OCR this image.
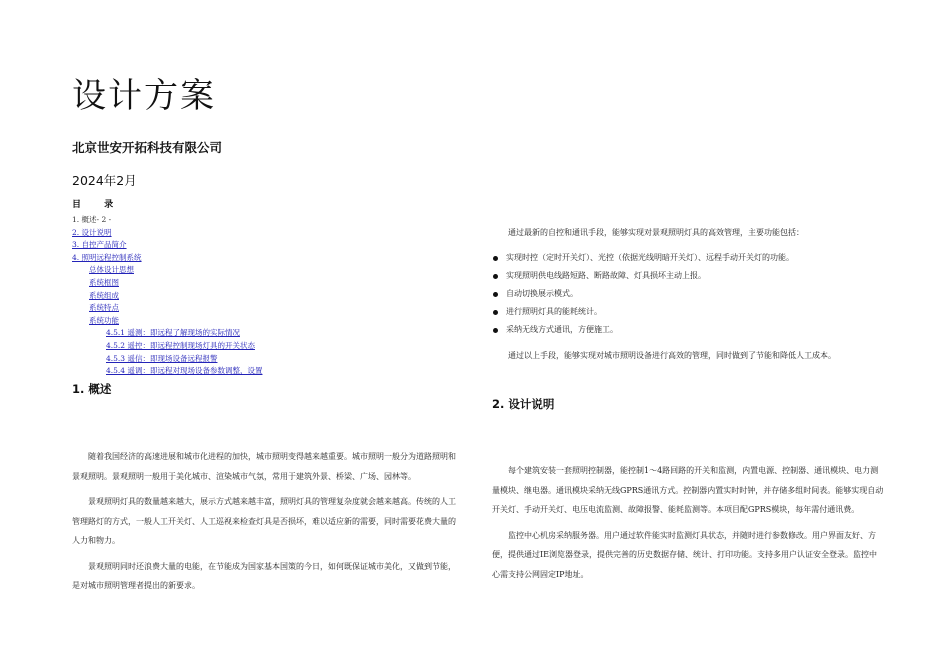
设计方案
北京世安开拓科技有限公司
2024年2月
目 录
1. 概述- 2 -
2. 设计说明
3. 自控产品简介
4. 照明远程控制系统
总体设计思想
系统框图
系统组成
系统特点
系统功能
4.5.1 遥测：即远程了解现场的实际情况
4.5.2 遥控：即远程控制现场灯具的开关状态
4.5.3 遥信：即现场设备远程报警
4.5.4 遥调：即远程对现场设备参数调整，设置
1. 概述

随着我国经济的高速进展和城市化进程的加快，城市照明变得越来越重要。城市照明一般分为道路照明和景观照明。景观照明一般用于美化城市、渲染城市气氛，常用于建筑外景、桥梁、广场、园林等。

景观照明灯具的数量越来越大，展示方式越来越丰富，照明灯具的管理复杂度就会越来越高。传统的人工管理路灯的方式，一般人工开关灯、人工巡视来检查灯具是否损坏，难以适应新的需要，同时需要花费大量的人力和物力。

景观照明同时还浪费大量的电能，在节能成为国家基本国策的今日，如何既保证城市美化，又做到节能，是对城市照明管理者提出的新要求。

通过最新的自控和通讯手段，能够实现对景观照明灯具的高效管理，主要功能包括：

实现时控（定时开关灯）、光控（依据光线明暗开关灯）、远程手动开关灯的功能。
实现照明供电线路短路、断路故障、灯具损坏主动上报。
自动切换展示模式。
进行照明灯具的能耗统计。
采纳无线方式通讯，方便施工。

通过以上手段，能够实现对城市照明设备进行高效的管理，同时做到了节能和降低人工成本。

2. 设计说明

每个建筑安装一套照明控制器，能控制1～4路回路的开关和监测，内置电源、控制器、通讯模块、电力测量模块、继电器。通讯模块采纳无线GPRS通讯方式。控制器内置实时时钟，并存储多组时间表。能够实现自动开关灯、手动开关灯、电压电流监测、故障报警、能耗监测等。本项目配GPRS模块，每年需付通讯费。

监控中心机房采纳服务器。用户通过软件能实时监测灯具状态，并随时进行参数修改。用户界面友好、方便，提供通过IE浏览器登录，提供完善的历史数据存储、统计、打印功能。支持多用户认证安全登录。监控中心需支持公网固定IP地址。
